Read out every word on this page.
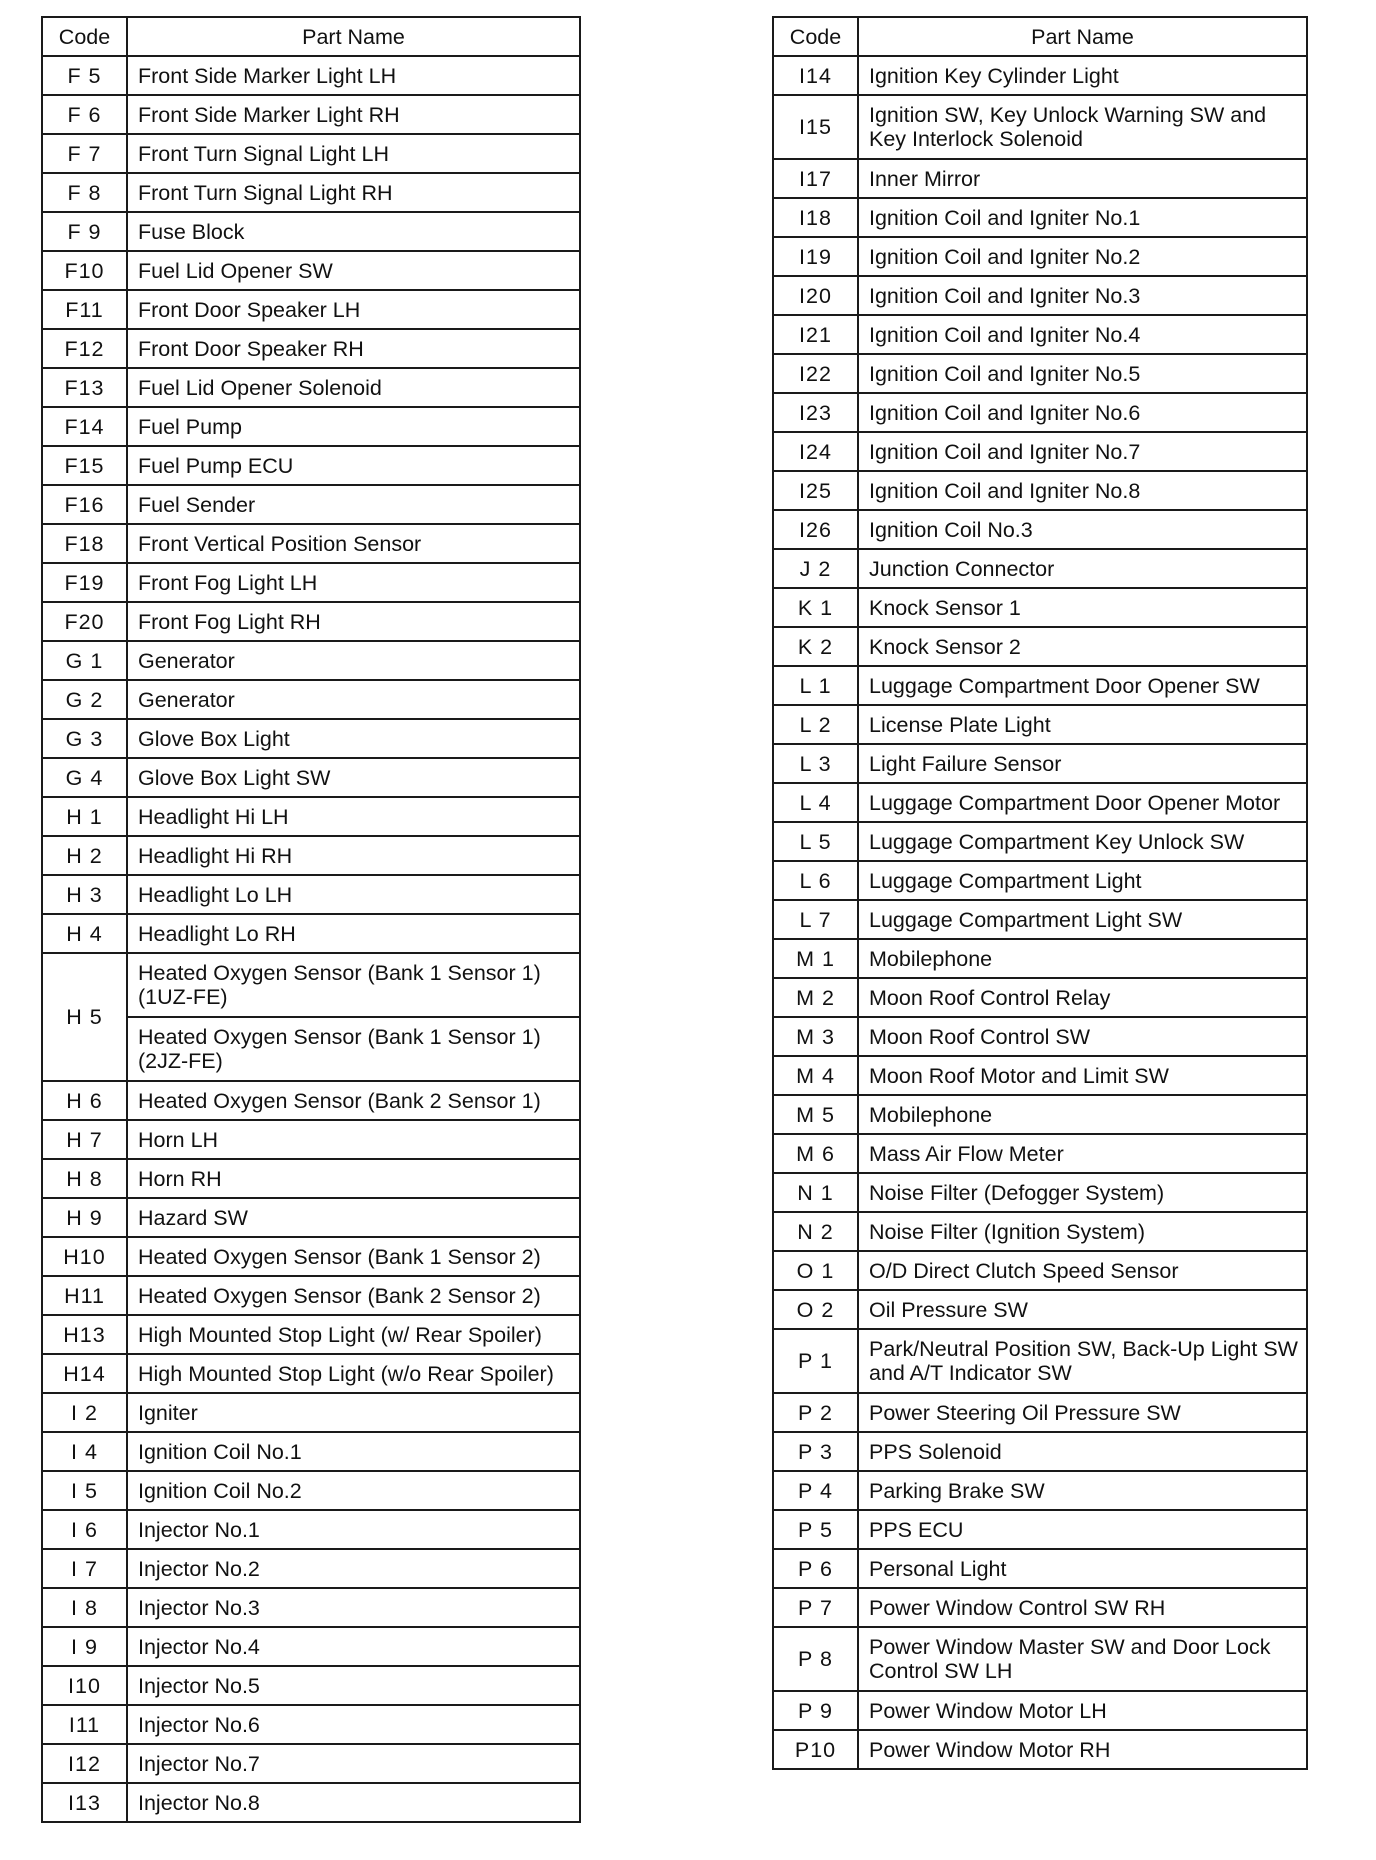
Code	Part Name
F 5	Front Side Marker Light LH
F 6	Front Side Marker Light RH
F 7	Front Turn Signal Light LH
F 8	Front Turn Signal Light RH
F 9	Fuse Block
F10	Fuel Lid Opener SW
F11	Front Door Speaker LH
F12	Front Door Speaker RH
F13	Fuel Lid Opener Solenoid
F14	Fuel Pump
F15	Fuel Pump ECU
F16	Fuel Sender
F18	Front Vertical Position Sensor
F19	Front Fog Light LH
F20	Front Fog Light RH
G 1	Generator
G 2	Generator
G 3	Glove Box Light
G 4	Glove Box Light SW
H 1	Headlight Hi LH
H 2	Headlight Hi RH
H 3	Headlight Lo LH
H 4	Headlight Lo RH
H 5	Heated Oxygen Sensor (Bank 1 Sensor 1) (1UZ-FE)
	Heated Oxygen Sensor (Bank 1 Sensor 1) (2JZ-FE)
H 6	Heated Oxygen Sensor (Bank 2 Sensor 1)
H 7	Horn LH
H 8	Horn RH
H 9	Hazard SW
H10	Heated Oxygen Sensor (Bank 1 Sensor 2)
H11	Heated Oxygen Sensor (Bank 2 Sensor 2)
H13	High Mounted Stop Light (w/ Rear Spoiler)
H14	High Mounted Stop Light (w/o Rear Spoiler)
I 2	Igniter
I 4	Ignition Coil No.1
I 5	Ignition Coil No.2
I 6	Injector No.1
I 7	Injector No.2
I 8	Injector No.3
I 9	Injector No.4
I10	Injector No.5
I11	Injector No.6
I12	Injector No.7
I13	Injector No.8
Code	Part Name
I14	Ignition Key Cylinder Light
I15	Ignition SW, Key Unlock Warning SW and Key Interlock Solenoid
I17	Inner Mirror
I18	Ignition Coil and Igniter No.1
I19	Ignition Coil and Igniter No.2
I20	Ignition Coil and Igniter No.3
I21	Ignition Coil and Igniter No.4
I22	Ignition Coil and Igniter No.5
I23	Ignition Coil and Igniter No.6
I24	Ignition Coil and Igniter No.7
I25	Ignition Coil and Igniter No.8
I26	Ignition Coil No.3
J 2	Junction Connector
K 1	Knock Sensor 1
K 2	Knock Sensor 2
L 1	Luggage Compartment Door Opener SW
L 2	License Plate Light
L 3	Light Failure Sensor
L 4	Luggage Compartment Door Opener Motor
L 5	Luggage Compartment Key Unlock SW
L 6	Luggage Compartment Light
L 7	Luggage Compartment Light SW
M 1	Mobilephone
M 2	Moon Roof Control Relay
M 3	Moon Roof Control SW
M 4	Moon Roof Motor and Limit SW
M 5	Mobilephone
M 6	Mass Air Flow Meter
N 1	Noise Filter (Defogger System)
N 2	Noise Filter (Ignition System)
O 1	O/D Direct Clutch Speed Sensor
O 2	Oil Pressure SW
P 1	Park/Neutral Position SW, Back-Up Light SW and A/T Indicator SW
P 2	Power Steering Oil Pressure SW
P 3	PPS Solenoid
P 4	Parking Brake SW
P 5	PPS ECU
P 6	Personal Light
P 7	Power Window Control SW RH
P 8	Power Window Master SW and Door Lock Control SW LH
P 9	Power Window Motor LH
P10	Power Window Motor RH
